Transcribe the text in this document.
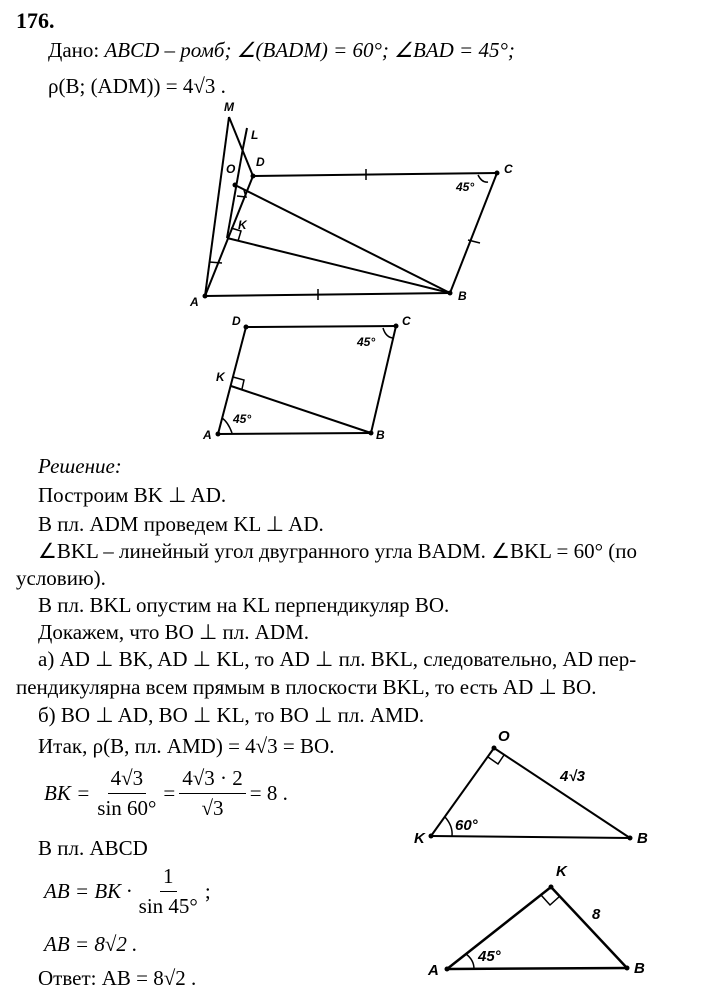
176.
Дано: ABCD – ромб; ∠(BADM) = 60°; ∠BAD = 45°;
ρ(B; (ADM)) = 4√3 .
M
L
O D	C
45°
K
A	B
D	C
45°
K
45°
A	B
Решение:
Построим BK ⊥ AD.
В пл. ADM проведем KL ⊥ AD.
∠BKL – линейный угол двугранного угла BADM. ∠BKL = 60° (по
условию).
В пл. BKL опустим на KL перпендикуляр BO.
Докажем, что BO ⊥ пл. ADM.
а) AD ⊥ BK, AD ⊥ KL, то AD ⊥ пл. BKL, следовательно, AD пер-
пендикулярна всем прямым в плоскости BKL, то есть AD ⊥ BO.
б) BO ⊥ AD, BO ⊥ KL, то BO ⊥ пл. AMD.
Итак, ρ(B, пл. AMD) = 4√3 = BO.
BK = $\frac{4√3}{\sin 60^\circ} = \frac{4√3 \cdot 2}{√3} = 8$ .
В пл. ABCD
AB = BK · $\frac{1}{\sin 45^\circ}$ ;
AB = 8√2 .
Ответ: AB = 8√2 .
O
4√3
60°
K	B
K
8
45°
A	B
